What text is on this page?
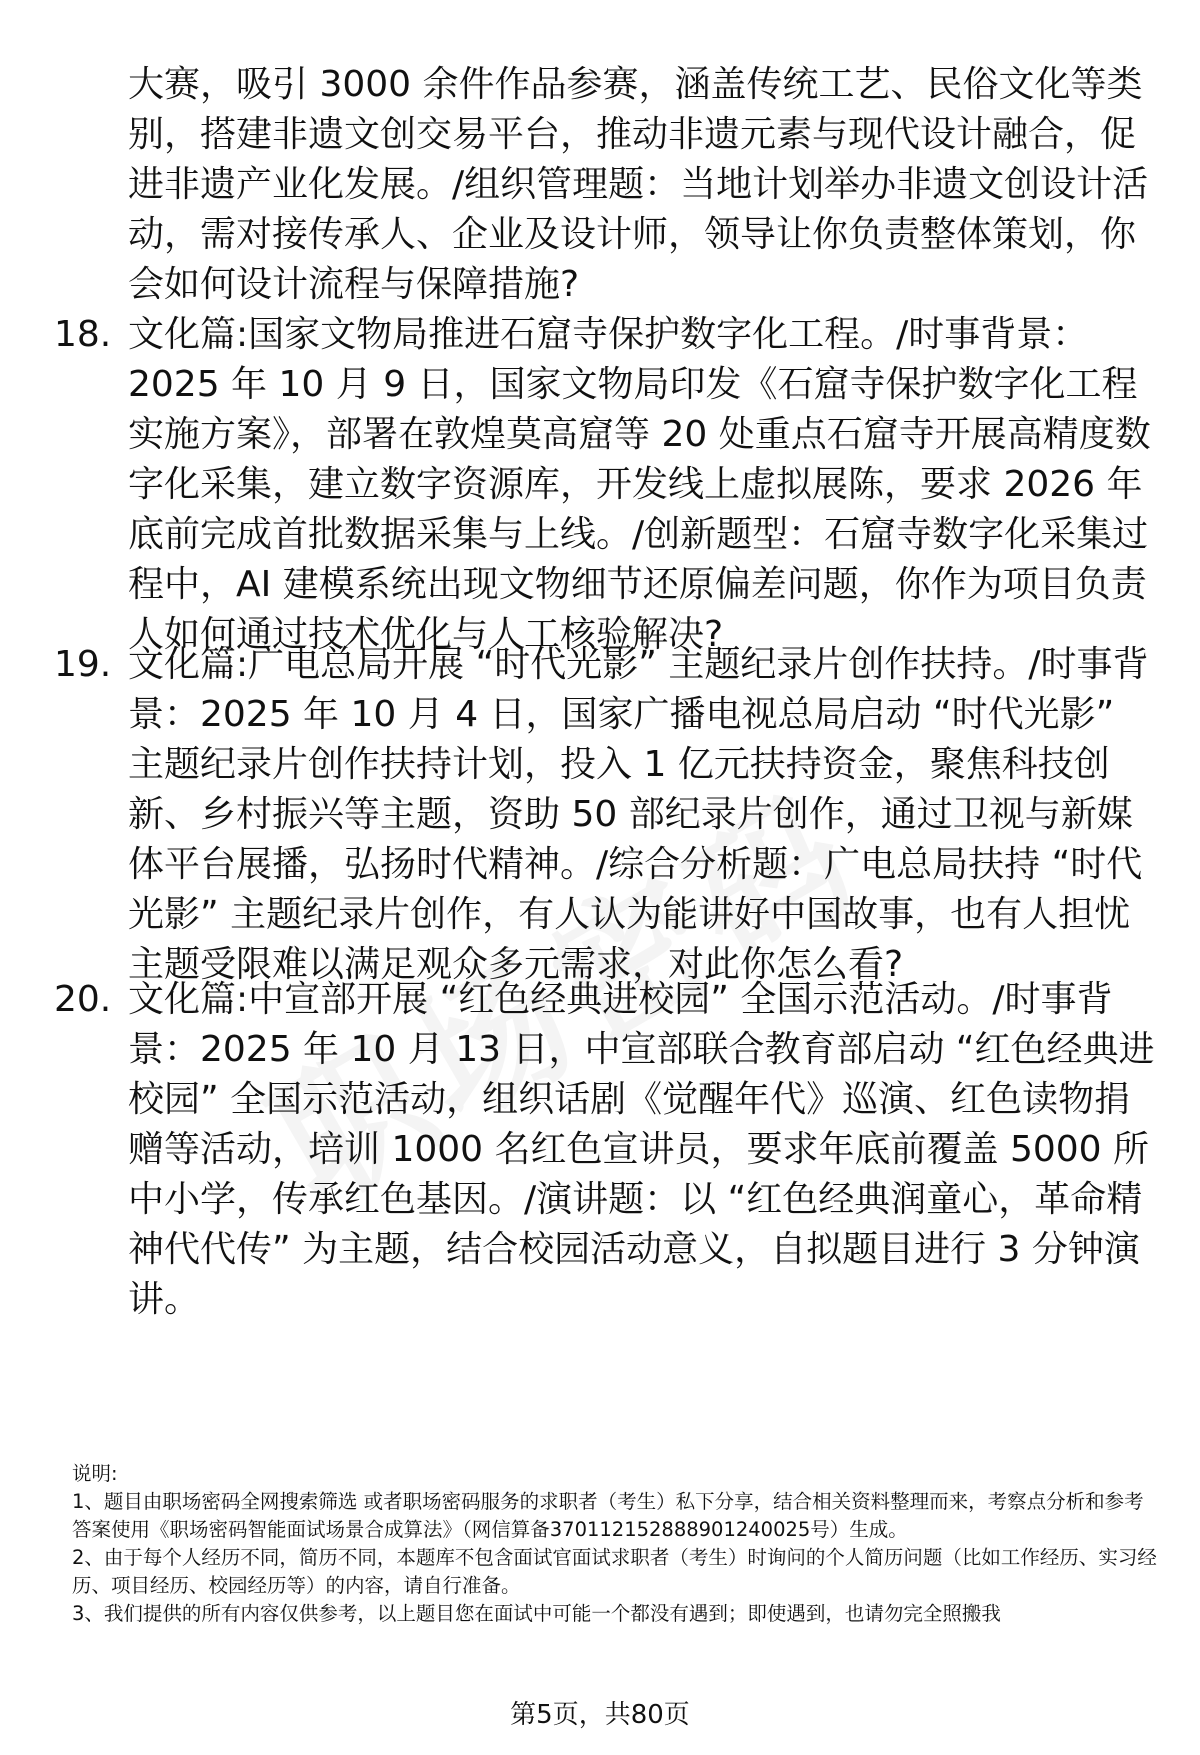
大赛，吸引 3000 余件作品参赛，涵盖传统工艺、民俗文化等类别，搭建非遗文创交易平台，推动非遗元素与现代设计融合，促进非遗产业化发展。/组织管理题：当地计划举办非遗文创设计活动，需对接传承人、企业及设计师，领导让你负责整体策划，你会如何设计流程与保障措施?

18. 文化篇:国家文物局推进石窟寺保护数字化工程。/时事背景：2025 年 10 月 9 日，国家文物局印发《石窟寺保护数字化工程实施方案》，部署在敦煌莫高窟等 20 处重点石窟寺开展高精度数字化采集，建立数字资源库，开发线上虚拟展陈，要求 2026 年底前完成首批数据采集与上线。/创新题型：石窟寺数字化采集过程中，AI 建模系统出现文物细节还原偏差问题，你作为项目负责人如何通过技术优化与人工核验解决?
19. 文化篇:广电总局开展 “时代光影” 主题纪录片创作扶持。/时事背景：2025 年 10 月 4 日，国家广播电视总局启动 “时代光影” 主题纪录片创作扶持计划，投入 1 亿元扶持资金，聚焦科技创新、乡村振兴等主题，资助 50 部纪录片创作，通过卫视与新媒体平台展播，弘扬时代精神。/综合分析题：广电总局扶持 “时代光影” 主题纪录片创作，有人认为能讲好中国故事，也有人担忧主题受限难以满足观众多元需求，对此你怎么看?
20. 文化篇:中宣部开展 “红色经典进校园” 全国示范活动。/时事背景：2025 年 10 月 13 日，中宣部联合教育部启动 “红色经典进校园” 全国示范活动，组织话剧《觉醒年代》巡演、红色读物捐赠等活动，培训 1000 名红色宣讲员，要求年底前覆盖 5000 所中小学，传承红色基因。/演讲题：以 “红色经典润童心，革命精神代代传” 为主题，结合校园活动意义，自拟题目进行 3 分钟演讲。

说明:

1、题目由职场密码全网搜索筛选 或者职场密码服务的求职者（考生）私下分享，结合相关资料整理而来，考察点分析和参考答案使用《职场密码智能面试场景合成算法》（网信算备370112152888901240025号）生成。

2、由于每个人经历不同，简历不同，本题库不包含面试官面试求职者（考生）时询问的个人简历问题（比如工作经历、实习经历、项目经历、校园经历等）的内容，请自行准备。

3、我们提供的所有内容仅供参考，以上题目您在面试中可能一个都没有遇到；即使遇到，也请勿完全照搬我

第5页，共80页
